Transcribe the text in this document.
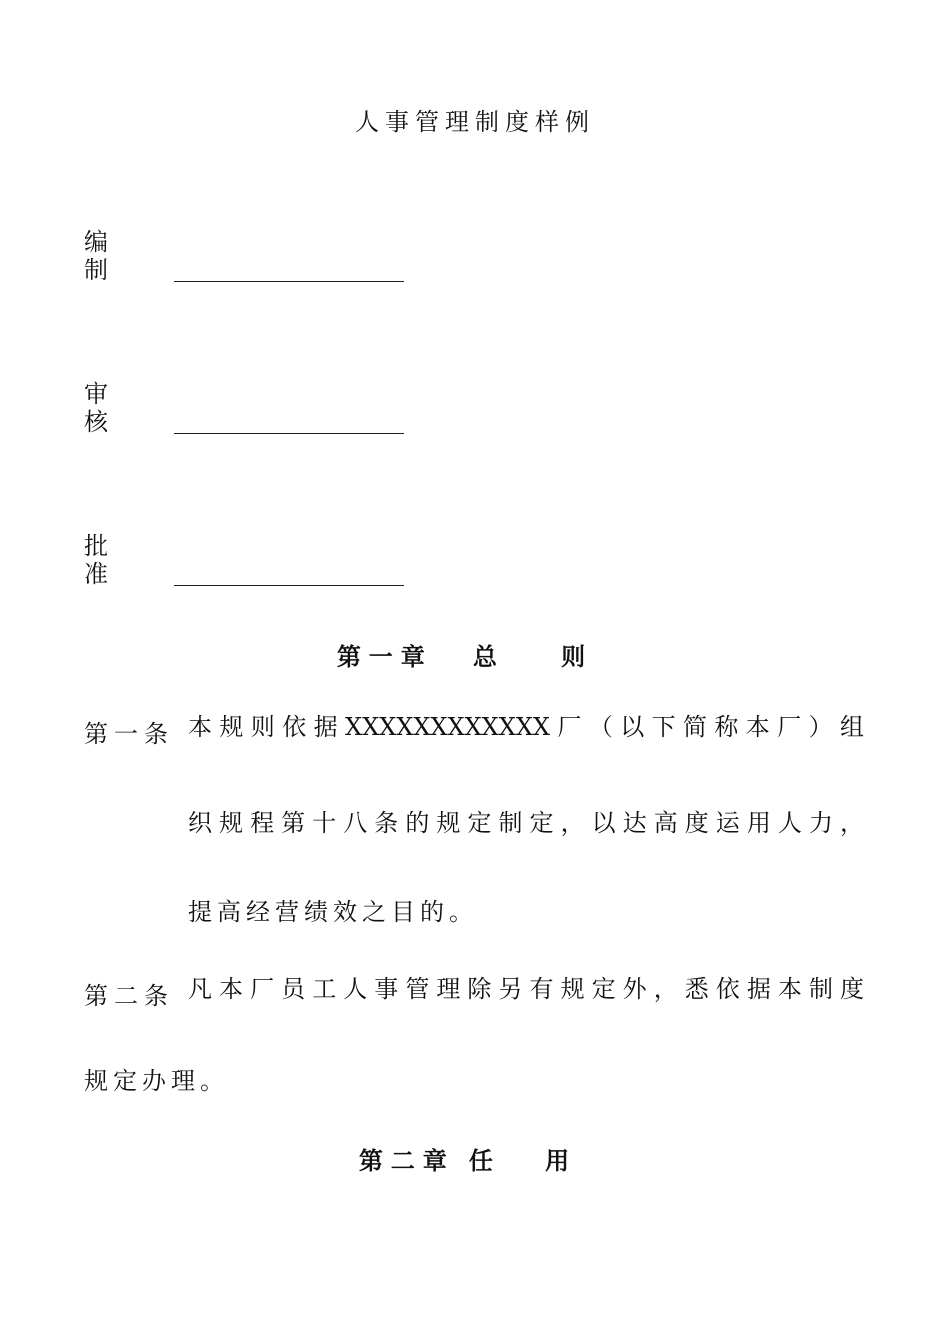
人事管理制度样例
编 制
审 核
批 准
第一章 总 则
第一条 本规则依据XXXXXXXXXXXX厂（以下简称本厂）组
织规程第十八条的规定制定，以达高度运用人力，
提高经营绩效之目的。
第二条 凡本厂员工人事管理除另有规定外，悉依据本制度
规定办理。
第二章 任 用
